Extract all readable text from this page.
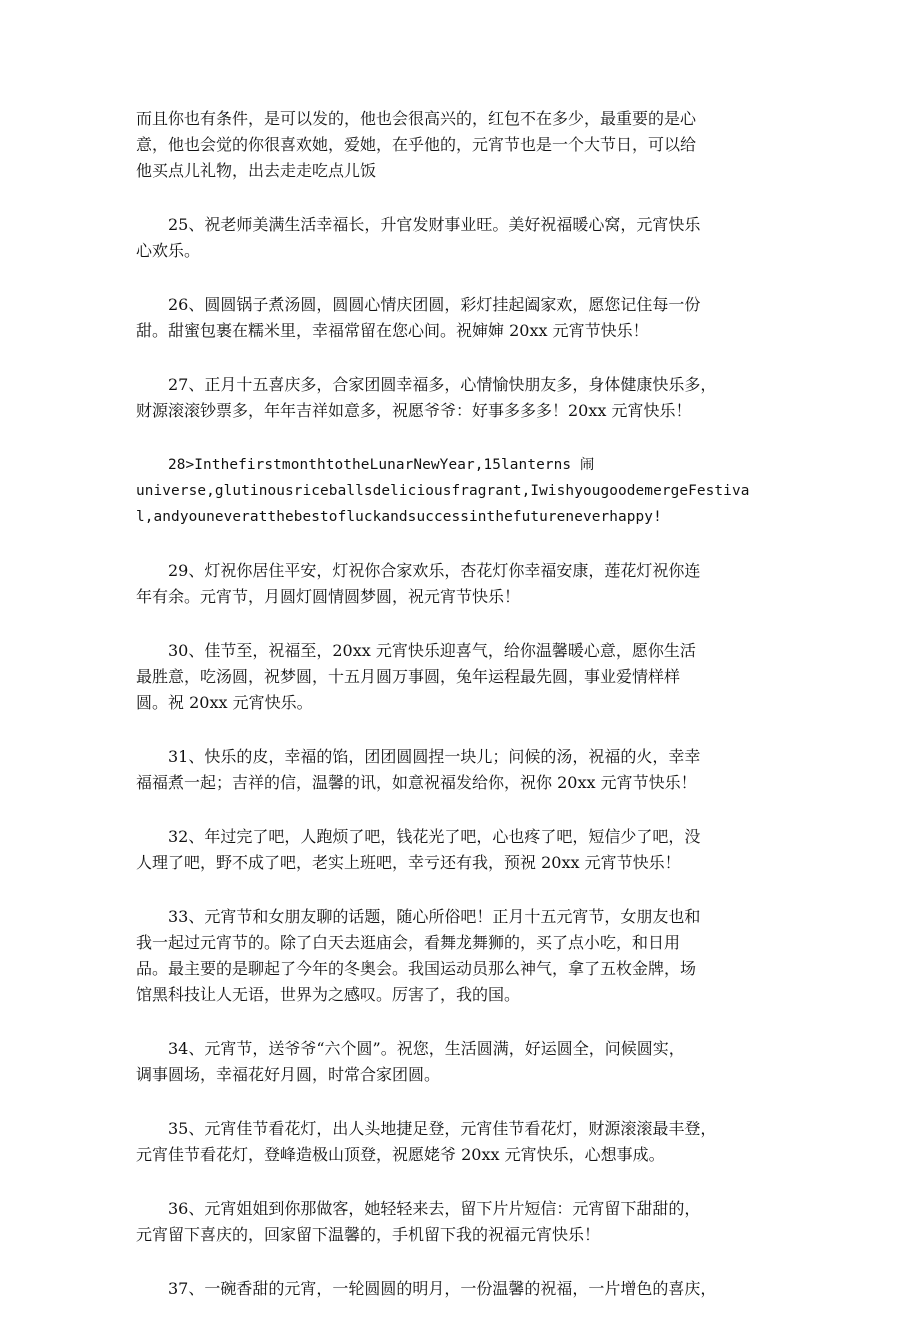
而且你也有条件，是可以发的，他也会很高兴的，红包不在多少，最重要的是心
意，他也会觉的你很喜欢她，爱她，在乎他的，元宵节也是一个大节日，可以给
他买点儿礼物，出去走走吃点儿饭
25、祝老师美满生活幸福长，升官发财事业旺。美好祝福暖心窝，元宵快乐
心欢乐。
26、圆圆锅子煮汤圆，圆圆心情庆团圆，彩灯挂起阖家欢，愿您记住每一份
甜。甜蜜包裹在糯米里，幸福常留在您心间。祝婶婶 20xx 元宵节快乐！
27、正月十五喜庆多，合家团圆幸福多，心情愉快朋友多，身体健康快乐多，
财源滚滚钞票多，年年吉祥如意多，祝愿爷爷：好事多多多！20xx 元宵快乐！
28>InthefirstmonthtotheLunarNewYear,15lanterns 闹
universe,glutinousriceballsdeliciousfragrant,IwishyougoodemergeFestiva
l,andyouneveratthebestofluckandsuccessinthefutureneverhappy!
29、灯祝你居住平安，灯祝你合家欢乐，杏花灯你幸福安康，莲花灯祝你连
年有余。元宵节，月圆灯圆情圆梦圆，祝元宵节快乐！
30、佳节至，祝福至，20xx 元宵快乐迎喜气，给你温馨暖心意，愿你生活
最胜意，吃汤圆，祝梦圆，十五月圆万事圆，兔年运程最先圆，事业爱情样样
圆。祝 20xx 元宵快乐。
31、快乐的皮，幸福的馅，团团圆圆捏一块儿；问候的汤，祝福的火，幸幸
福福煮一起；吉祥的信，温馨的讯，如意祝福发给你，祝你 20xx 元宵节快乐！
32、年过完了吧，人跑烦了吧，钱花光了吧，心也疼了吧，短信少了吧，没
人理了吧，野不成了吧，老实上班吧，幸亏还有我，预祝 20xx 元宵节快乐！
33、元宵节和女朋友聊的话题，随心所俗吧！正月十五元宵节，女朋友也和
我一起过元宵节的。除了白天去逛庙会，看舞龙舞狮的，买了点小吃，和日用
品。最主要的是聊起了今年的冬奥会。我国运动员那么神气，拿了五枚金牌，场
馆黑科技让人无语，世界为之感叹。厉害了，我的国。
34、元宵节，送爷爷“六个圆”。祝您，生活圆满，好运圆全，问候圆实，
调事圆场，幸福花好月圆，时常合家团圆。
35、元宵佳节看花灯，出人头地捷足登，元宵佳节看花灯，财源滚滚最丰登，
元宵佳节看花灯，登峰造极山顶登，祝愿姥爷 20xx 元宵快乐，心想事成。
36、元宵姐姐到你那做客，她轻轻来去，留下片片短信：元宵留下甜甜的，
元宵留下喜庆的，回家留下温馨的，手机留下我的祝福元宵快乐！
37、一碗香甜的元宵，一轮圆圆的明月，一份温馨的祝福，一片增色的喜庆，
